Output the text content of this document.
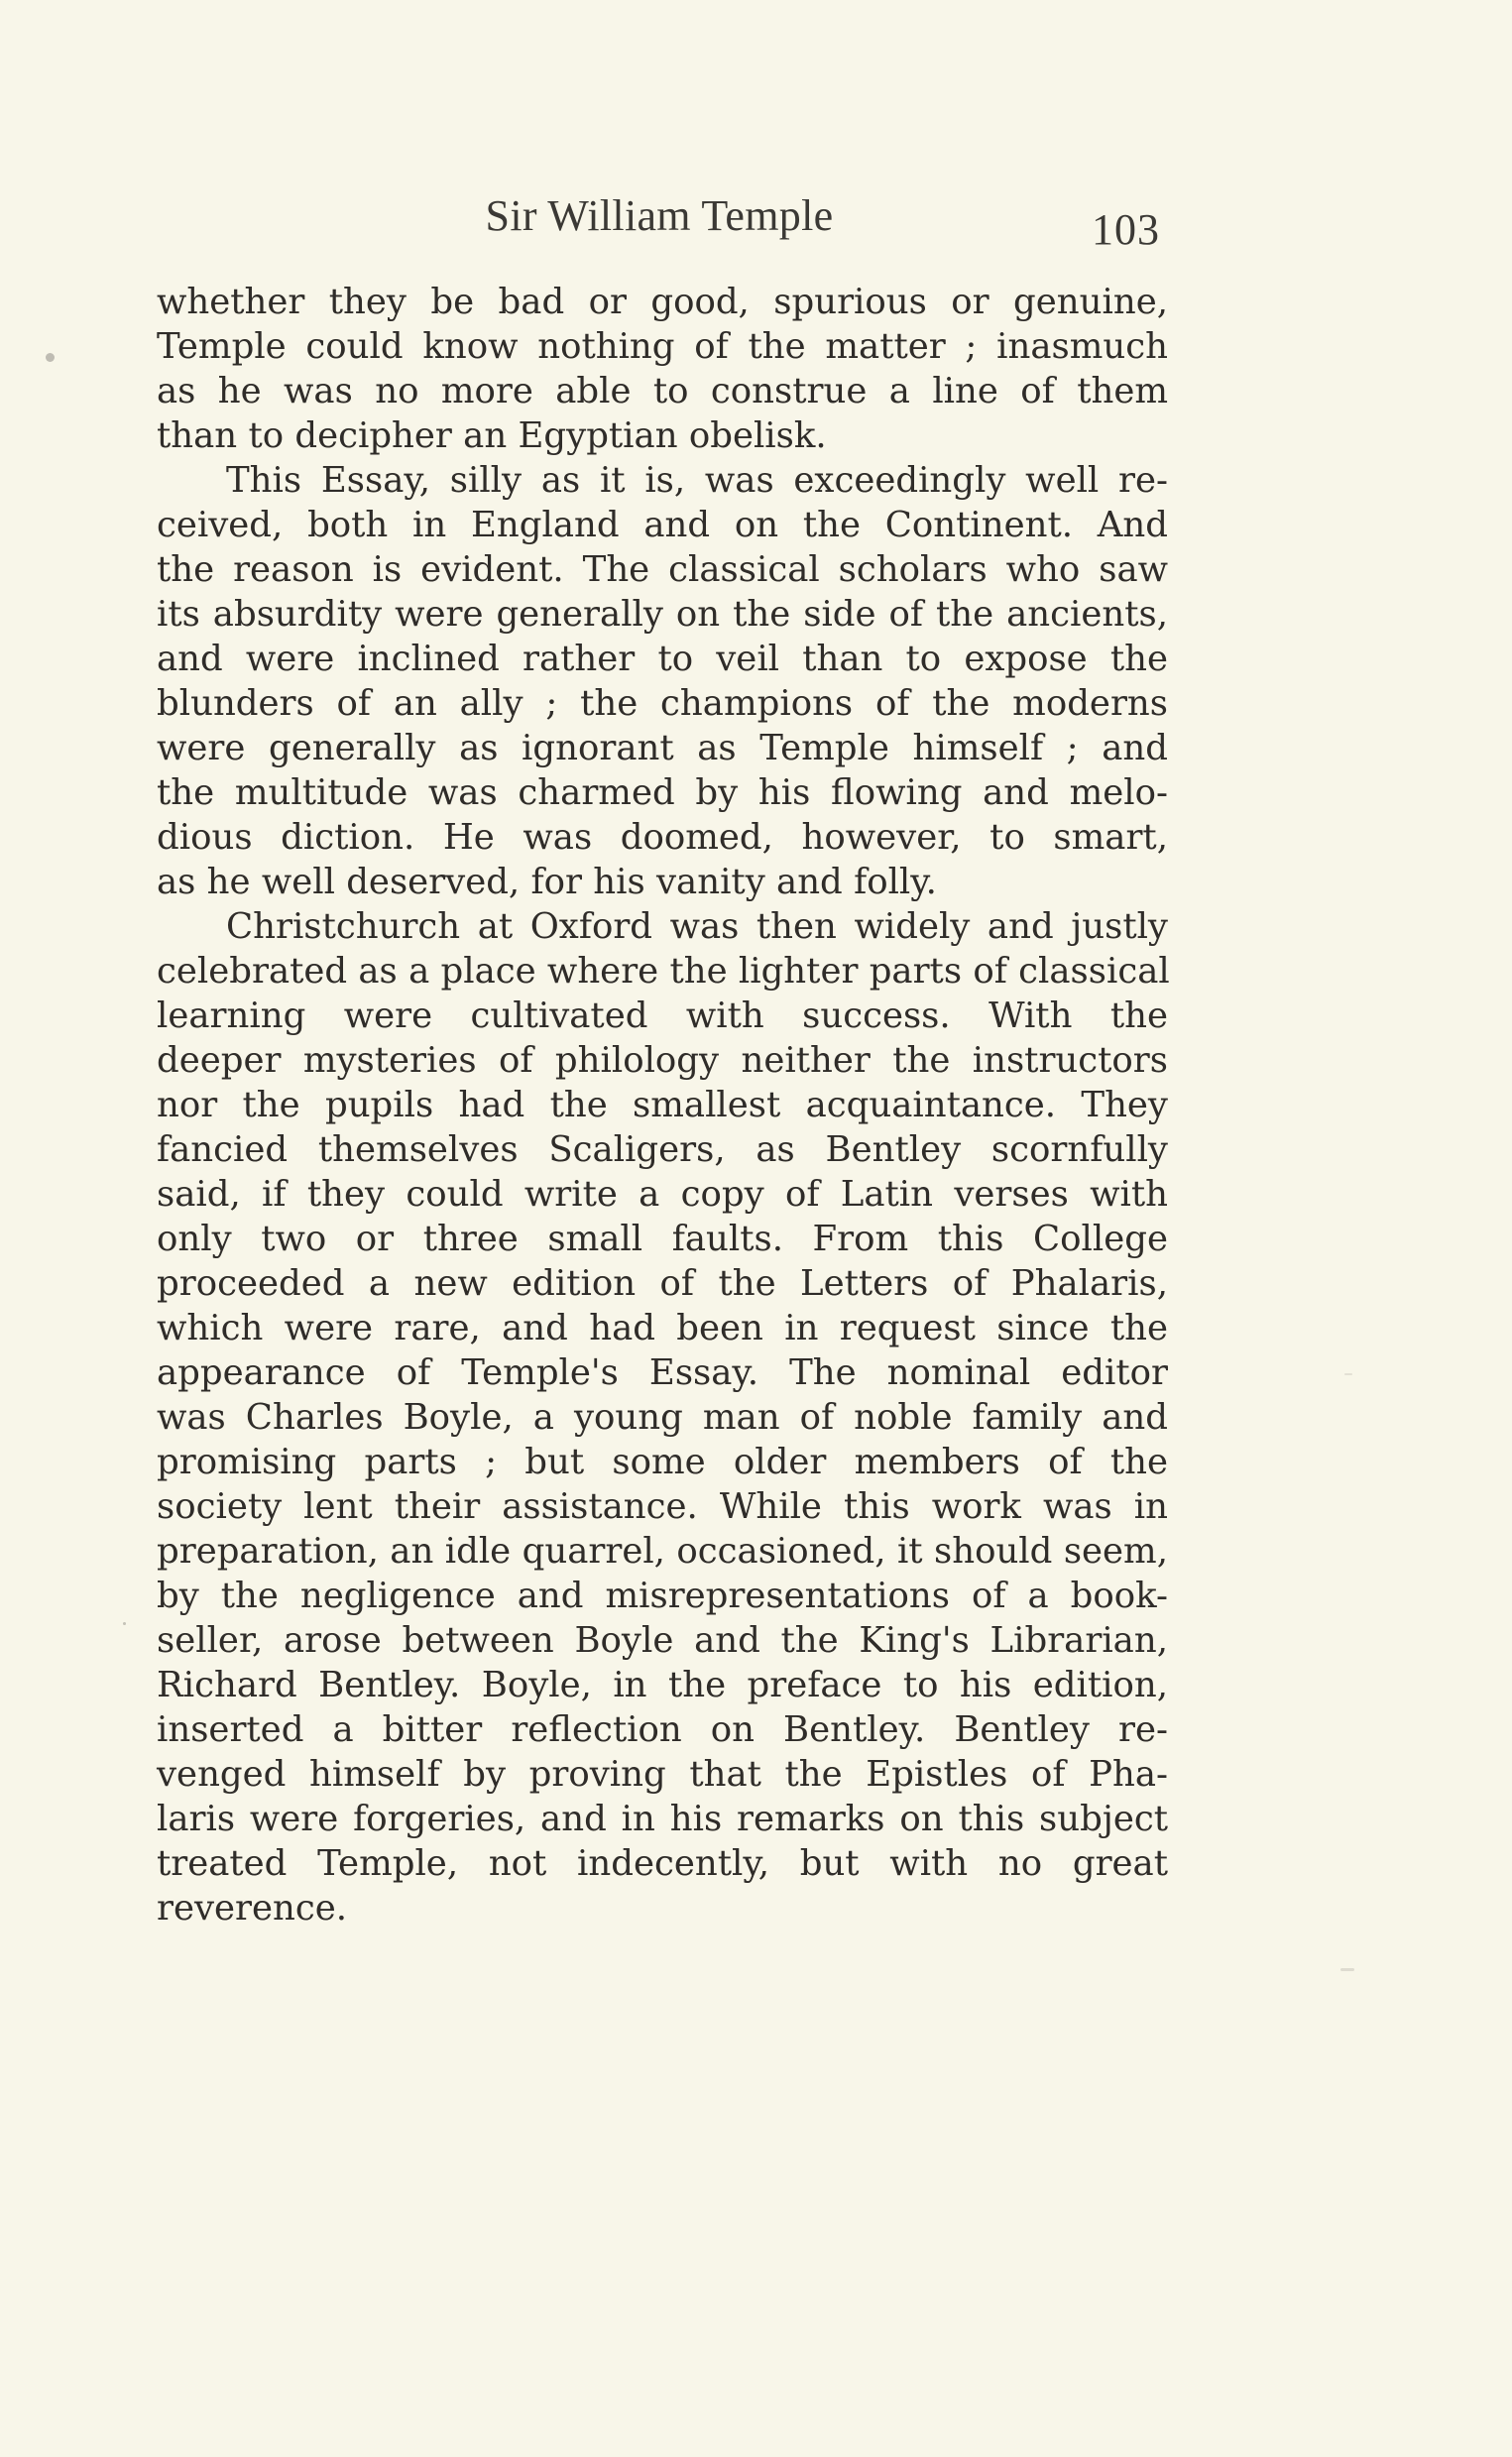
Sir William Temple	103
whether they be bad or good, spurious or genuine,
Temple could know nothing of the matter ; inasmuch
as he was no more able to construe a line of them
than to decipher an Egyptian obelisk.
This Essay, silly as it is, was exceedingly well re-
ceived, both in England and on the Continent. And
the reason is evident. The classical scholars who saw
its absurdity were generally on the side of the ancients,
and were inclined rather to veil than to expose the
blunders of an ally ; the champions of the moderns
were generally as ignorant as Temple himself ; and
the multitude was charmed by his flowing and melo-
dious diction. He was doomed, however, to smart,
as he well deserved, for his vanity and folly.
Christchurch at Oxford was then widely and justly
celebrated as a place where the lighter parts of classical
learning were cultivated with success. With the
deeper mysteries of philology neither the instructors
nor the pupils had the smallest acquaintance. They
fancied themselves Scaligers, as Bentley scornfully
said, if they could write a copy of Latin verses with
only two or three small faults. From this College
proceeded a new edition of the Letters of Phalaris,
which were rare, and had been in request since the
appearance of Temple's Essay. The nominal editor
was Charles Boyle, a young man of noble family and
promising parts ; but some older members of the
society lent their assistance. While this work was in
preparation, an idle quarrel, occasioned, it should seem,
by the negligence and misrepresentations of a book-
seller, arose between Boyle and the King's Librarian,
Richard Bentley. Boyle, in the preface to his edition,
inserted a bitter reflection on Bentley. Bentley re-
venged himself by proving that the Epistles of Pha-
laris were forgeries, and in his remarks on this subject
treated Temple, not indecently, but with no great
reverence.
